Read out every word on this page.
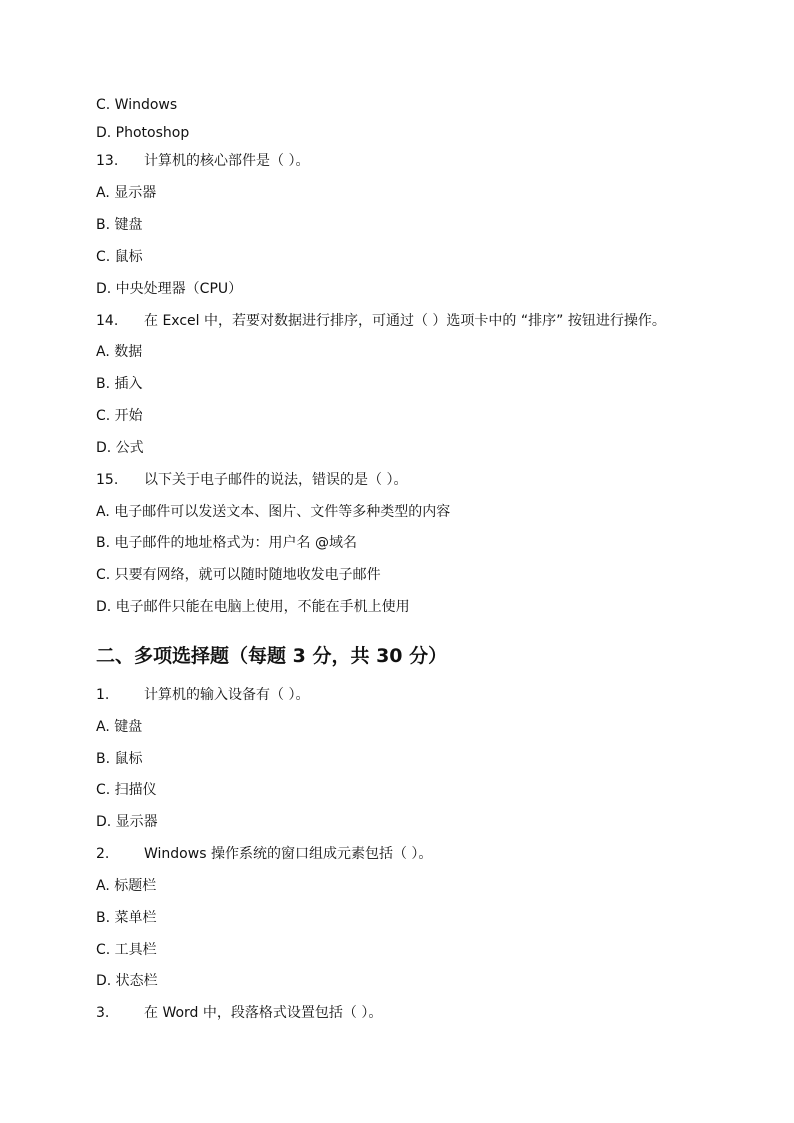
C. Windows
D. Photoshop
13. 计算机的核心部件是（ ）。
A. 显示器
B. 键盘
C. 鼠标
D. 中央处理器（CPU）
14. 在 Excel 中，若要对数据进行排序，可通过（ ）选项卡中的 “排序” 按钮进行操作。
A. 数据
B. 插入
C. 开始
D. 公式
15. 以下关于电子邮件的说法，错误的是（ ）。
A. 电子邮件可以发送文本、图片、文件等多种类型的内容
B. 电子邮件的地址格式为：用户名 @域名
C. 只要有网络，就可以随时随地收发电子邮件
D. 电子邮件只能在电脑上使用，不能在手机上使用
二、多项选择题（每题 3 分，共 30 分）
1. 计算机的输入设备有（ ）。
A. 键盘
B. 鼠标
C. 扫描仪
D. 显示器
2. Windows 操作系统的窗口组成元素包括（ ）。
A. 标题栏
B. 菜单栏
C. 工具栏
D. 状态栏
3. 在 Word 中，段落格式设置包括（ ）。
